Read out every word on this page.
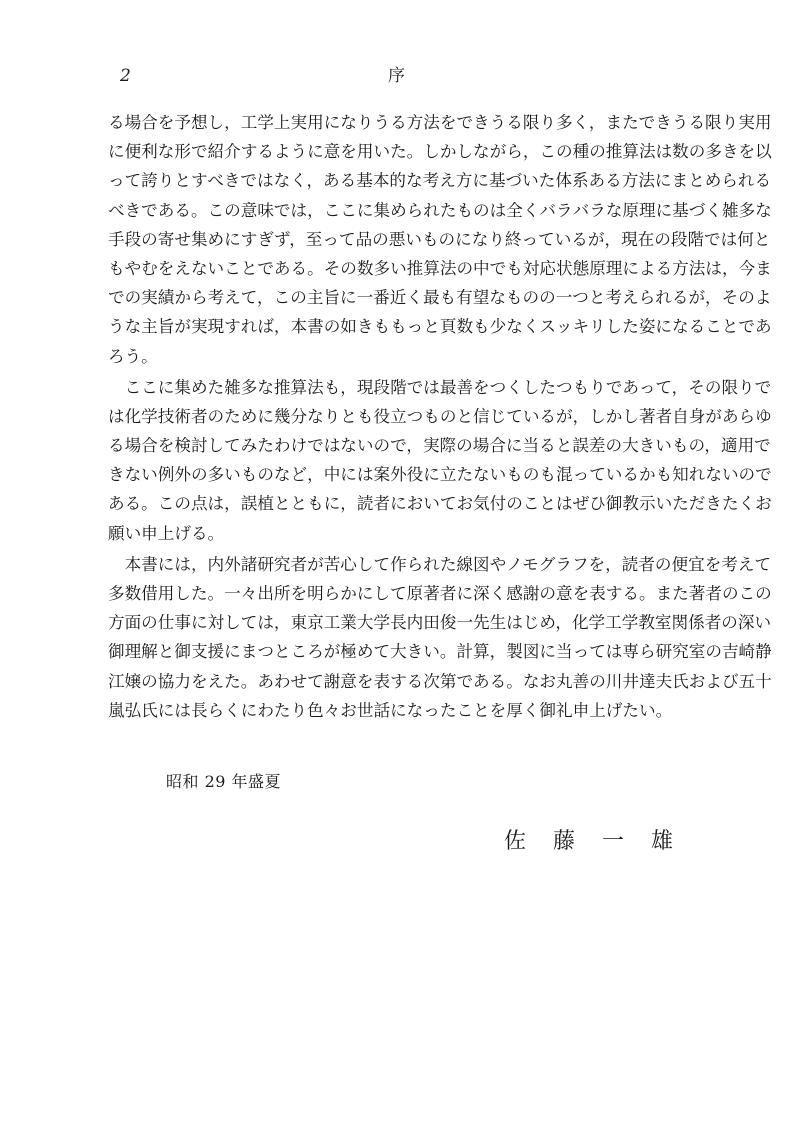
2	序
る場合を予想し，工学上実用になりうる方法をできうる限り多く，またできうる限り実用
に便利な形で紹介するように意を用いた。しかしながら，この種の推算法は数の多きを以
って誇りとすべきではなく，ある基本的な考え方に基づいた体系ある方法にまとめられる
べきである。この意味では，ここに集められたものは全くバラバラな原理に基づく雑多な
手段の寄せ集めにすぎず，至って品の悪いものになり終っているが，現在の段階では何と
もやむをえないことである。その数多い推算法の中でも対応状態原理による方法は，今ま
での実績から考えて，この主旨に一番近く最も有望なものの一つと考えられるが，そのよ
うな主旨が実現すれば，本書の如きももっと頁数も少なくスッキリした姿になることであ
ろう。
　ここに集めた雑多な推算法も，現段階では最善をつくしたつもりであって，その限りで
は化学技術者のために幾分なりとも役立つものと信じているが，しかし著者自身があらゆ
る場合を検討してみたわけではないので，実際の場合に当ると誤差の大きいもの，適用で
きない例外の多いものなど，中には案外役に立たないものも混っているかも知れないので
ある。この点は，誤植とともに，読者においてお気付のことはぜひ御教示いただきたくお
願い申上げる。
　本書には，内外諸研究者が苦心して作られた線図やノモグラフを，読者の便宜を考えて
多数借用した。一々出所を明らかにして原著者に深く感謝の意を表する。また著者のこの
方面の仕事に対しては，東京工業大学長内田俊一先生はじめ，化学工学教室関係者の深い
御理解と御支援にまつところが極めて大きい。計算，製図に当っては専ら研究室の吉崎静
江嬢の協力をえた。あわせて謝意を表する次第である。なお丸善の川井達夫氏および五十
嵐弘氏には長らくにわたり色々お世話になったことを厚く御礼申上げたい。
昭和 29 年盛夏
佐藤一雄
